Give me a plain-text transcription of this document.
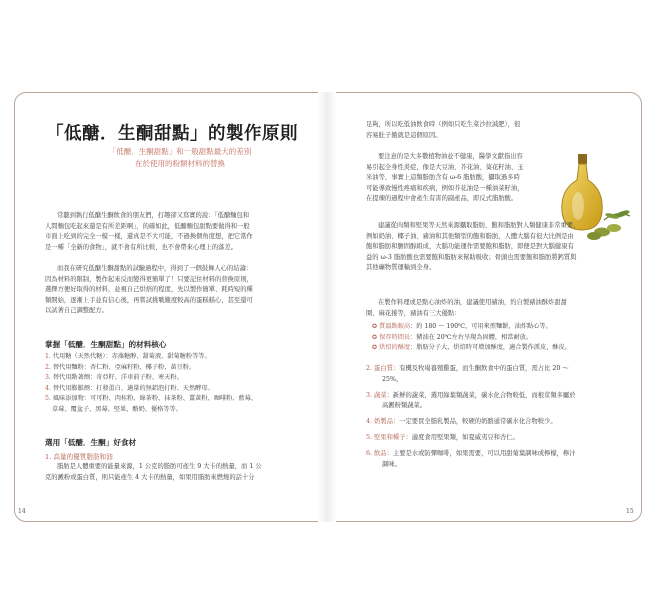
「低醣．生酮甜點」的製作原則
「低醣．生酮甜點」和一般甜點最大的差別
在於使用的粉類材料的替換
常聽到執行低醣生酮飲食的朋友們，打趣卻又寫實的說：「低醣麵包和
人間麵包吃起來還是有所差距啊」，的確如此，低醣麵包甜點要做得和一般
市面上吃到的完全一模一樣，還真是不大可能，不過換個角度想，把它當作
是一種「全新的食物」，就不會有所比較，也不會帶來心理上的落差。
而我在研究低醣生酮甜點的試驗過程中，得到了一個鼓舞人心的結論：
因為材料的限制，製作起來反而變得更簡單了！只要記住材料的替換原則，
選擇方便好取得的材料，並視自己烘焙的程度，先以製作簡單、耗時短的種
類開始，逐漸上手並有信心後，再嘗試挑戰難度較高的蛋糕糕心，甚至還可
以試著自己調整配方。
掌握「低醣．生酮甜點」的材料核心
1. 代用糖（天然代糖）：赤藻糖醇、甜菊液、甜菊糖粉等等。
2. 替代用麵粉：杏仁粉、亞麻籽粉、椰子粉、黃豆粉。
3. 替代用點著劑：奇亞籽、洋車前子粉、寒天粉。
4. 替代用膨脹劑：打發蛋白、適量的無鋁泡打粉、天然酵母。
5. 風味添加物：可可粉、肉桂粉、綠茶粉、抹茶粉、薑黃粉、咖啡粉、藍莓、
草莓、覆盆子、黑莓、堅果、酪奶、優格等等。
選用「低醣．生酮」好食材
1. 高量的優質脂肪和油
脂肪是人體重要的能量來源，1 公克的脂肪可產生 9 大卡的熱量，而 1 公
克的澱粉或蛋白質，則只能產生 4 大卡的熱量，如果用脂肪來燃燒的話十分
14
足夠，所以吃低油飲食時（例如只吃生菜沙拉減肥），很
容易肚子餓就是這個原因。
要注意的是大多數植物油並不健康，醫學文獻指出容
易引起全身性炎症，像是大豆油、芥花油、葵花籽油、玉
米油等，事實上這類脂肪含有 ω-6 脂肪酸，攝取過多時
可能導致慢性疼痛和疾病，例如芥花油是一種油菜籽油，
在提煉的過程中會產生有害的副產品，即反式脂肪酸。
建議從肉類和堅果等天然來源攝取脂肪，飽和脂肪對人類健康非常重要，
例如奶油、椰子油、豬油和其他類型的飽和脂肪，人體大腦有很大比例是由
飽和脂肪和膽固醇組成，大腦功能運作需要飽和脂肪，即便是對大腦健康有
益的 ω-3 脂肪酸也需要飽和脂肪來幫助吸收；骨頭也需要飽和脂肪將鈣質與
其他礦物質運輸到全身。
在製作料理或是點心油炸的油，建議使用豬油，約自製豬油酥炸甜甜
圈、麻花捲等，豬油有三大優點：
✪ 質溫點較高：約 180 ～ 190℃，可用來煎麵餅，油炸點心等。
✪ 保存時間長：豬油在 20℃左右呈現為固體，相當耐放。
✪ 烘焙的酥度：脂肪分子大，烘焙時可增加酥度，適合製作派皮，酥皮。
2. 蛋白質：有機及牧場養殖雞蛋，而生酮飲食中的蛋白質，需占比 20 ～
25%。
3. 蔬菜：新鮮的蔬菜，選用綠葉類蔬菜，碳水化合物較低，而根莖類多屬於
高澱粉類蔬菜。
4. 奶製品：一定要買全脂乳製品，較硬的奶酪通常碳水化合物較少。
5. 堅果和種子：適度食用堅果類，如夏威夷豆和杏仁。
6. 飲品：主要是水或防彈咖啡，如果需要，可以用甜菊葉調味或檸檬，檸汁
調味。
15
